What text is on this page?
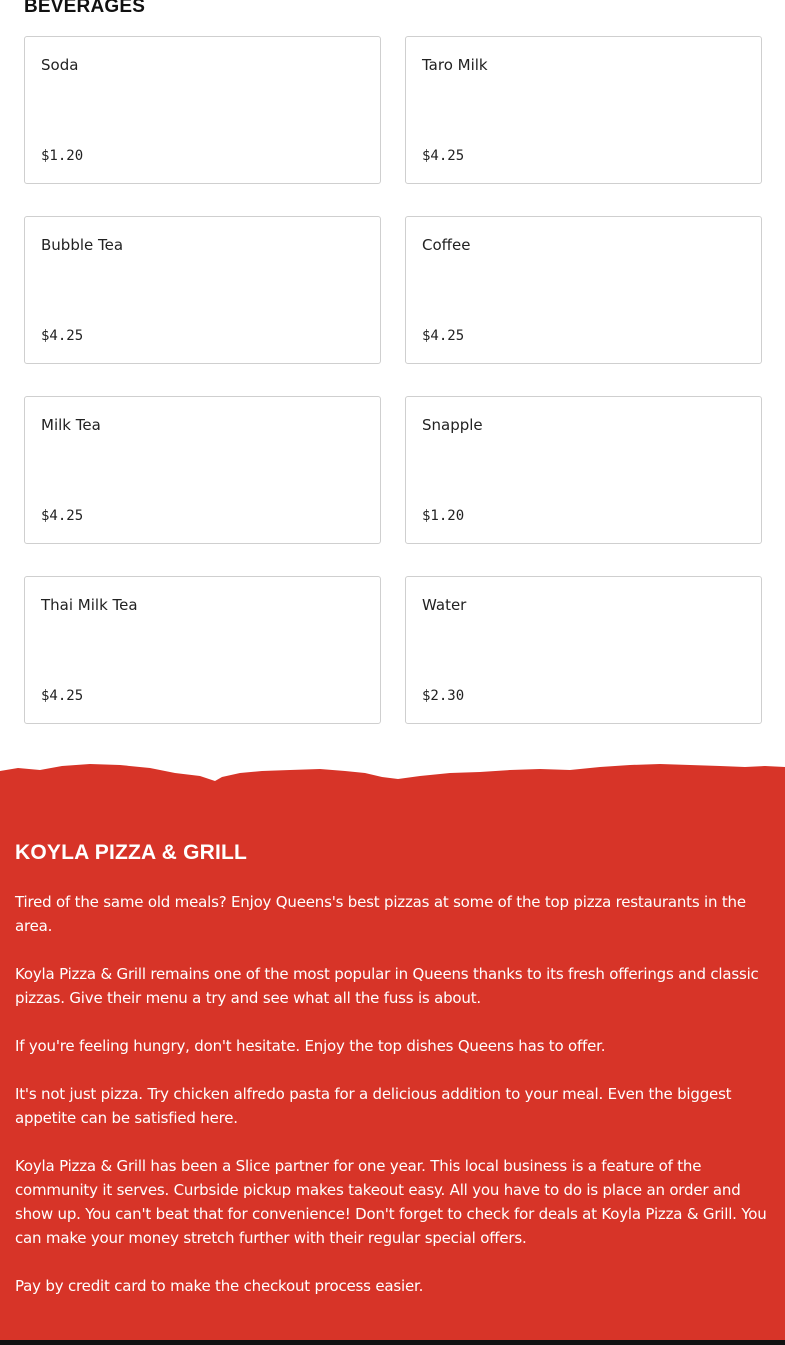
BEVERAGES
Soda
$1.20
Taro Milk
$4.25
Bubble Tea
$4.25
Coffee
$4.25
Milk Tea
$4.25
Snapple
$1.20
Thai Milk Tea
$4.25
Water
$2.30
KOYLA PIZZA & GRILL

Tired of the same old meals? Enjoy Queens's best pizzas at some of the top pizza restaurants in the area.

Koyla Pizza & Grill remains one of the most popular in Queens thanks to its fresh offerings and classic pizzas. Give their menu a try and see what all the fuss is about.

If you're feeling hungry, don't hesitate. Enjoy the top dishes Queens has to offer.

It's not just pizza. Try chicken alfredo pasta for a delicious addition to your meal. Even the biggest appetite can be satisfied here.

Koyla Pizza & Grill has been a Slice partner for one year. This local business is a feature of the community it serves. Curbside pickup makes takeout easy. All you have to do is place an order and show up. You can't beat that for convenience! Don't forget to check for deals at Koyla Pizza & Grill. You can make your money stretch further with their regular special offers.

Pay by credit card to make the checkout process easier.
